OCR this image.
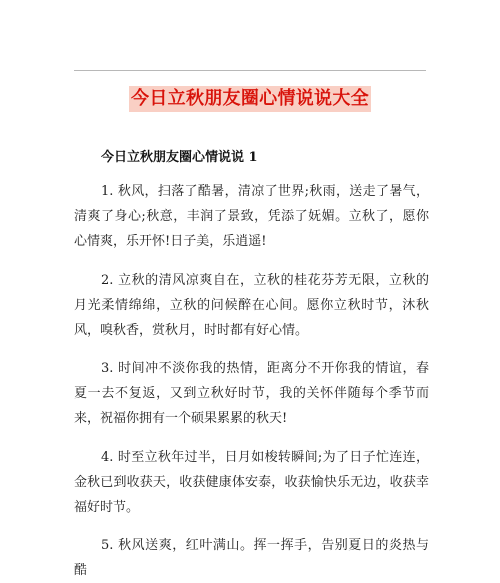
今日立秋朋友圈心情说说大全
今日立秋朋友圈心情说说 1

1. 秋风，扫落了酷暑，清凉了世界;秋雨，送走了暑气，清爽了身心;秋意，丰润了景致，凭添了妩媚。立秋了，愿你心情爽，乐开怀!日子美，乐逍遥!

2. 立秋的清风凉爽自在，立秋的桂花芬芳无限，立秋的月光柔情绵绵，立秋的问候醉在心间。愿你立秋时节，沐秋风，嗅秋香，赏秋月，时时都有好心情。

3. 时间冲不淡你我的热情，距离分不开你我的情谊，春夏一去不复返，又到立秋好时节，我的关怀伴随每个季节而来，祝福你拥有一个硕果累累的秋天!

4. 时至立秋年过半，日月如梭转瞬间;为了日子忙连连，金秋已到收获天，收获健康体安泰，收获愉快乐无边，收获幸福好时节。

5. 秋风送爽，红叶满山。挥一挥手，告别夏日的炎热与酷
